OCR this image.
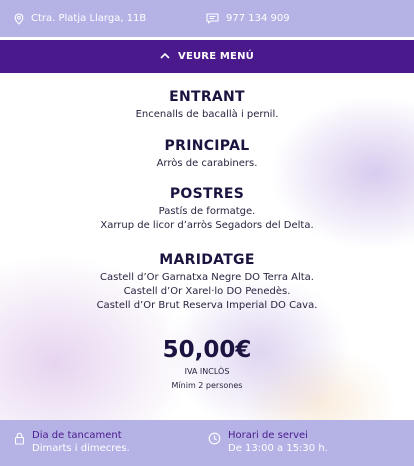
Ctra. Platja Llarga, 11B	977 134 909
VEURE MENÚ
ENTRANT
Encenalls de bacallà i pernil.
PRINCIPAL
Arròs de carabiners.
POSTRES
Pastís de formatge.
Xarrup de licor d’arròs Segadors del Delta.
MARIDATGE
Castell d’Or Garnatxa Negre DO Terra Alta.
Castell d’Or Xarel·lo DO Penedès.
Castell d’Or Brut Reserva Imperial DO Cava.
50,00€
IVA INCLÒS
Mínim 2 persones
Dia de tancament
Dimarts i dimecres.
Horari de servei
De 13:00 a 15:30 h.
